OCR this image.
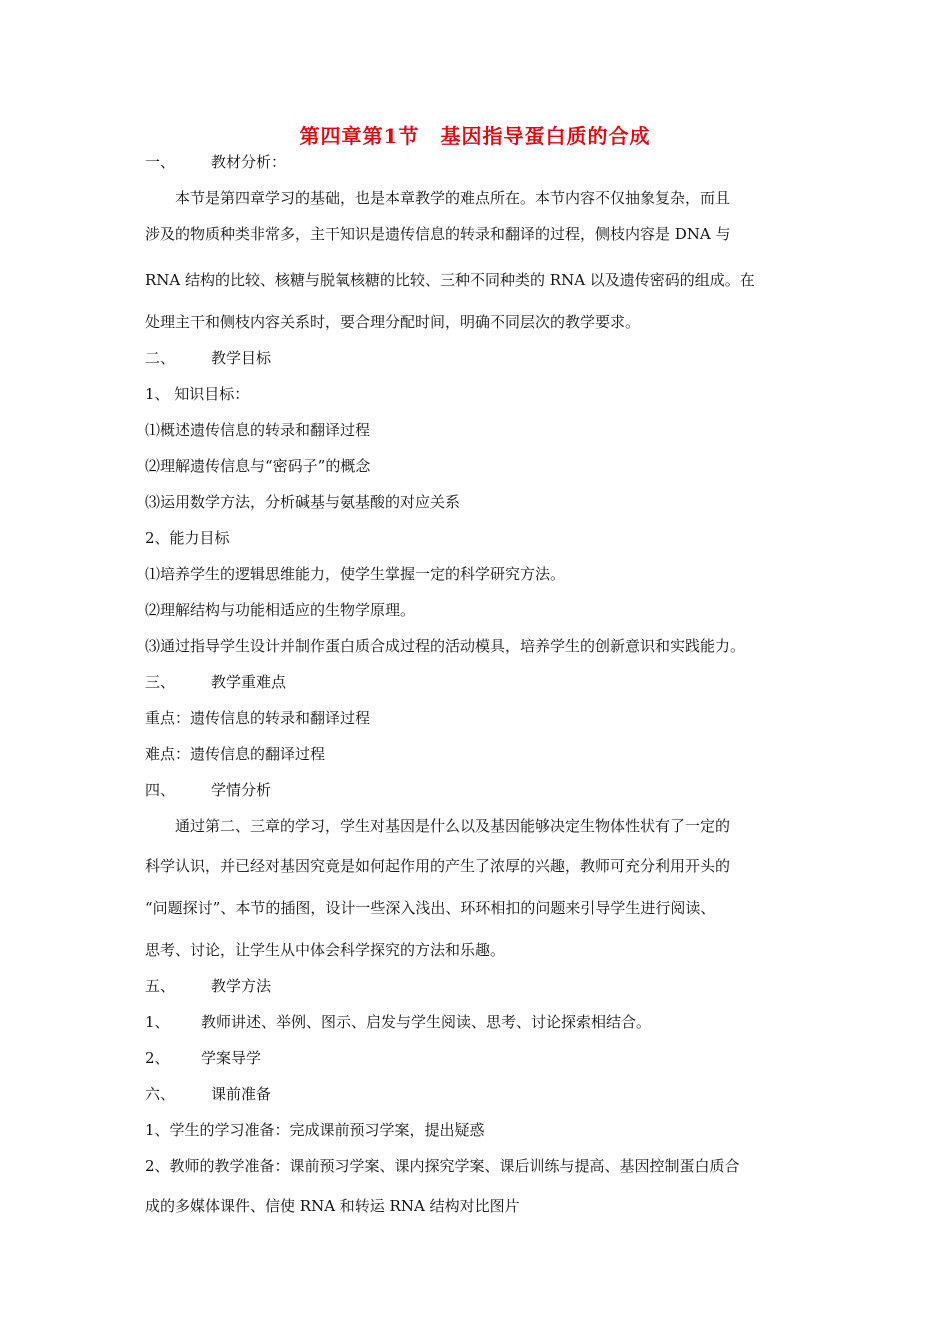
第四章第1节　基因指导蛋白质的合成
一、 教材分析：
本节是第四章学习的基础，也是本章教学的难点所在。本节内容不仅抽象复杂，而且
涉及的物质种类非常多，主干知识是遗传信息的转录和翻译的过程，侧枝内容是 DNA 与
RNA 结构的比较、核糖与脱氧核糖的比较、三种不同种类的 RNA 以及遗传密码的组成。在
处理主干和侧枝内容关系时，要合理分配时间，明确不同层次的教学要求。
二、 教学目标
1、 知识目标：
⑴概述遗传信息的转录和翻译过程
⑵理解遗传信息与“密码子”的概念
⑶运用数学方法，分析碱基与氨基酸的对应关系
2、能力目标
⑴培养学生的逻辑思维能力，使学生掌握一定的科学研究方法。
⑵理解结构与功能相适应的生物学原理。
⑶通过指导学生设计并制作蛋白质合成过程的活动模具，培养学生的创新意识和实践能力。
三、 教学重难点
重点：遗传信息的转录和翻译过程
难点：遗传信息的翻译过程
四、 学情分析
通过第二、三章的学习，学生对基因是什么以及基因能够决定生物体性状有了一定的
科学认识，并已经对基因究竟是如何起作用的产生了浓厚的兴趣，教师可充分利用开头的
“问题探讨”、本节的插图，设计一些深入浅出、环环相扣的问题来引导学生进行阅读、
思考、讨论，让学生从中体会科学探究的方法和乐趣。
五、 教学方法
1、 教师讲述、举例、图示、启发与学生阅读、思考、讨论探索相结合。
2、 学案导学
六、 课前准备
1、学生的学习准备：完成课前预习学案，提出疑惑
2、教师的教学准备：课前预习学案、课内探究学案、课后训练与提高、基因控制蛋白质合
成的多媒体课件、信使 RNA 和转运 RNA 结构对比图片
